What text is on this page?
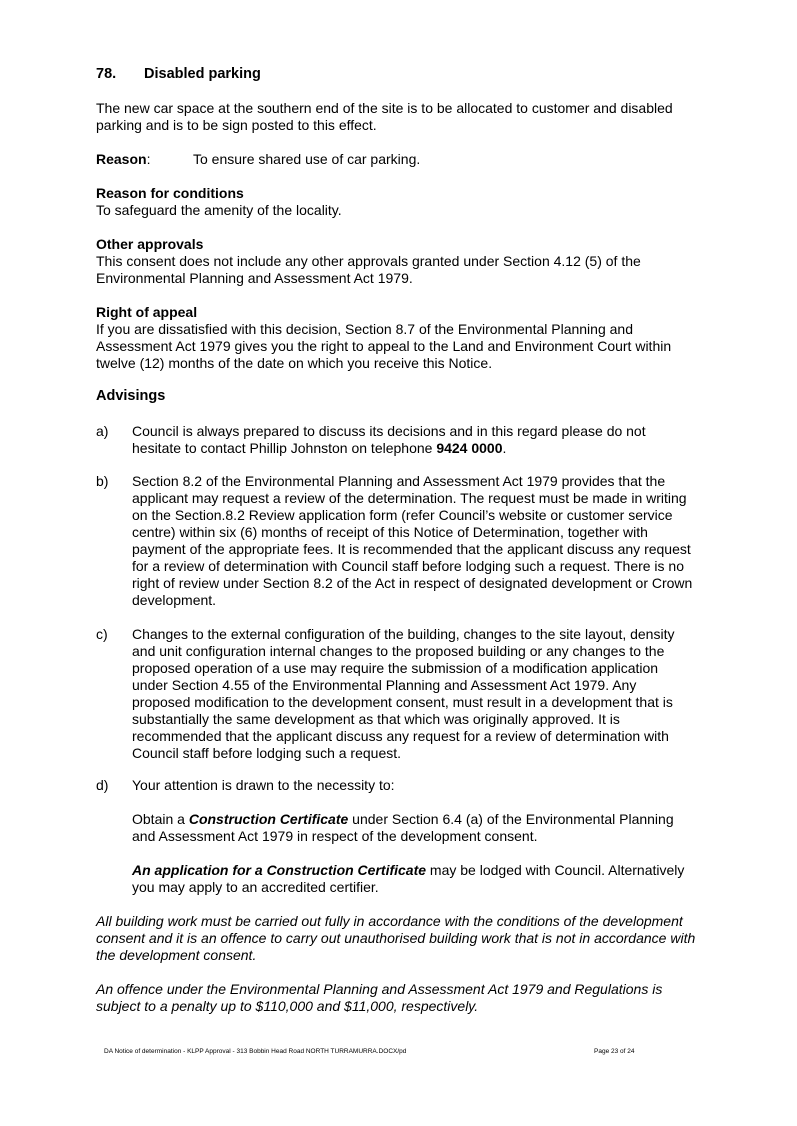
78. Disabled parking

The new car space at the southern end of the site is to be allocated to customer and disabled parking and is to be sign posted to this effect.

Reason:	To ensure shared use of car parking.
Reason for conditions

To safeguard the amenity of the locality.

Other approvals

This consent does not include any other approvals granted under Section 4.12 (5) of the Environmental Planning and Assessment Act 1979.

Right of appeal

If you are dissatisfied with this decision, Section 8.7 of the Environmental Planning and Assessment Act 1979 gives you the right to appeal to the Land and Environment Court within twelve (12) months of the date on which you receive this Notice.

Advisings
a)	Council is always prepared to discuss its decisions and in this regard please do not hesitate to contact Phillip Johnston on telephone 9424 0000.

b)	Section 8.2 of the Environmental Planning and Assessment Act 1979 provides that the applicant may request a review of the determination. The request must be made in writing on the Section.8.2 Review application form (refer Council’s website or customer service centre) within six (6) months of receipt of this Notice of Determination, together with payment of the appropriate fees. It is recommended that the applicant discuss any request for a review of determination with Council staff before lodging such a request. There is no right of review under Section 8.2 of the Act in respect of designated development or Crown development.

c)	Changes to the external configuration of the building, changes to the site layout, density and unit configuration internal changes to the proposed building or any changes to the proposed operation of a use may require the submission of a modification application under Section 4.55 of the Environmental Planning and Assessment Act 1979. Any proposed modification to the development consent, must result in a development that is substantially the same development as that which was originally approved. It is recommended that the applicant discuss any request for a review of determination with Council staff before lodging such a request.

d)	Your attention is drawn to the necessity to:

Obtain a Construction Certificate under Section 6.4 (a) of the Environmental Planning and Assessment Act 1979 in respect of the development consent.

An application for a Construction Certificate may be lodged with Council. Alternatively you may apply to an accredited certifier.

All building work must be carried out fully in accordance with the conditions of the development consent and it is an offence to carry out unauthorised building work that is not in accordance with the development consent.

An offence under the Environmental Planning and Assessment Act 1979 and Regulations is subject to a penalty up to $110,000 and $11,000, respectively.

DA Notice of determination - KLPP Approval - 313 Bobbin Head Road NORTH TURRAMURRA.DOCX/pd	Page 23 of 24
